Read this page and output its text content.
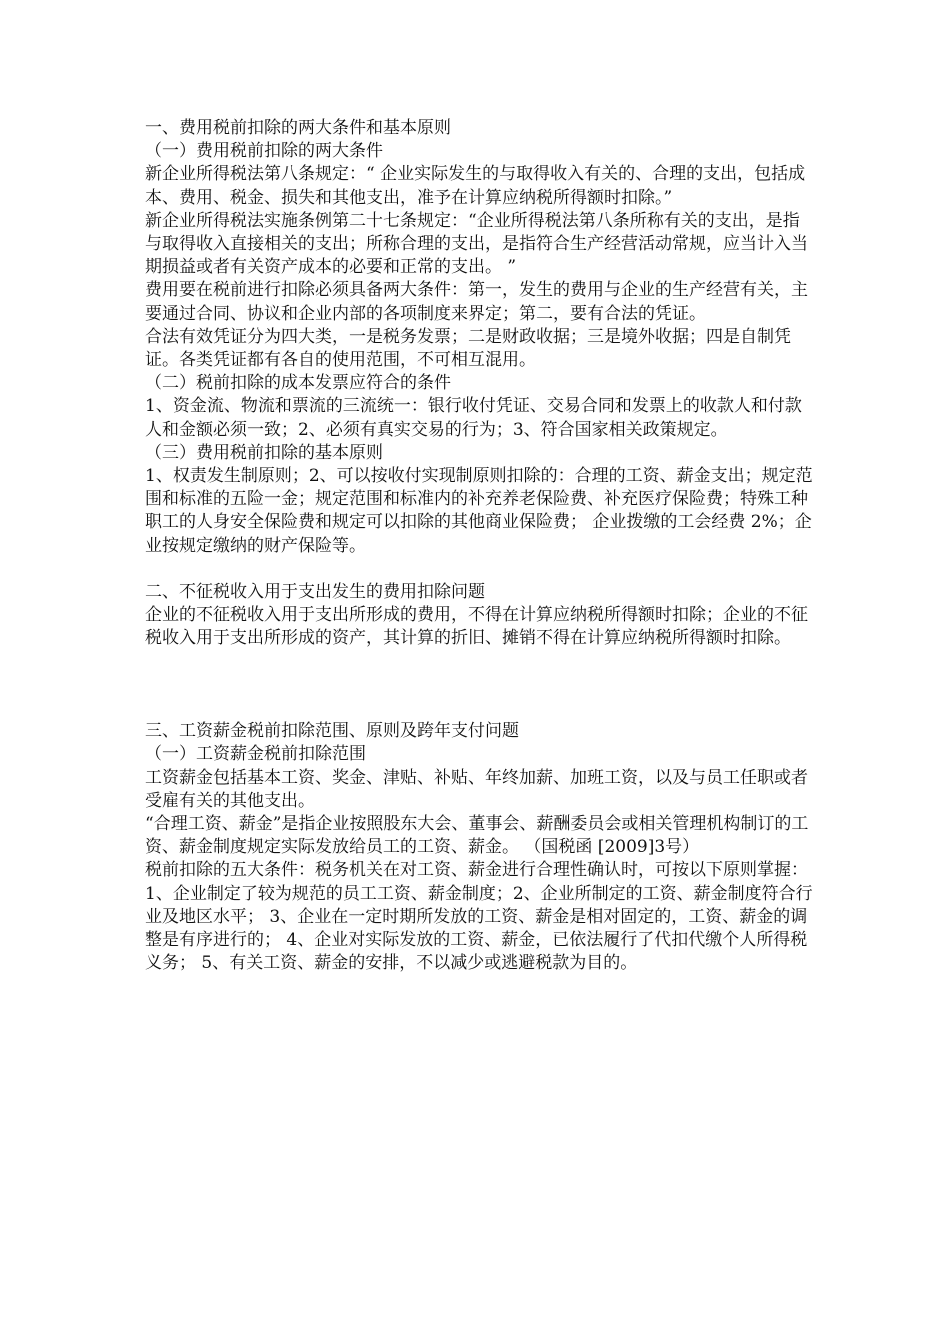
一、费用税前扣除的两大条件和基本原则
（一）费用税前扣除的两大条件
新企业所得税法第八条规定：“ 企业实际发生的与取得收入有关的、合理的支出，包括成本、费用、税金、损失和其他支出，准予在计算应纳税所得额时扣除。”
新企业所得税法实施条例第二十七条规定：“企业所得税法第八条所称有关的支出，是指与取得收入直接相关的支出；所称合理的支出，是指符合生产经营活动常规，应当计入当期损益或者有关资产成本的必要和正常的支出。 ”
费用要在税前进行扣除必须具备两大条件：第一，发生的费用与企业的生产经营有关，主要通过合同、协议和企业内部的各项制度来界定；第二，要有合法的凭证。
合法有效凭证分为四大类，一是税务发票；二是财政收据；三是境外收据；四是自制凭证。各类凭证都有各自的使用范围，不可相互混用。
（二）税前扣除的成本发票应符合的条件
1、资金流、物流和票流的三流统一：银行收付凭证、交易合同和发票上的收款人和付款人和金额必须一致；2、必须有真实交易的行为；3、符合国家相关政策规定。
（三）费用税前扣除的基本原则
1、权责发生制原则；2、可以按收付实现制原则扣除的：合理的工资、薪金支出；规定范围和标准的五险一金；规定范围和标准内的补充养老保险费、补充医疗保险费；特殊工种职工的人身安全保险费和规定可以扣除的其他商业保险费； 企业拨缴的工会经费 2%；企业按规定缴纳的财产保险等。
二、不征税收入用于支出发生的费用扣除问题
企业的不征税收入用于支出所形成的费用，不得在计算应纳税所得额时扣除；企业的不征税收入用于支出所形成的资产，其计算的折旧、摊销不得在计算应纳税所得额时扣除。
三、工资薪金税前扣除范围、原则及跨年支付问题
（一）工资薪金税前扣除范围
工资薪金包括基本工资、奖金、津贴、补贴、年终加薪、加班工资，以及与员工任职或者受雇有关的其他支出。
“合理工资、薪金”是指企业按照股东大会、董事会、薪酬委员会或相关管理机构制订的工资、薪金制度规定实际发放给员工的工资、薪金。 （国税函 [2009]3号）
税前扣除的五大条件：税务机关在对工资、薪金进行合理性确认时，可按以下原则掌握：1、企业制定了较为规范的员工工资、薪金制度；2、企业所制定的工资、薪金制度符合行业及地区水平； 3、企业在一定时期所发放的工资、薪金是相对固定的，工资、薪金的调整是有序进行的； 4、企业对实际发放的工资、薪金，已依法履行了代扣代缴个人所得税义务； 5、有关工资、薪金的安排，不以减少或逃避税款为目的。
